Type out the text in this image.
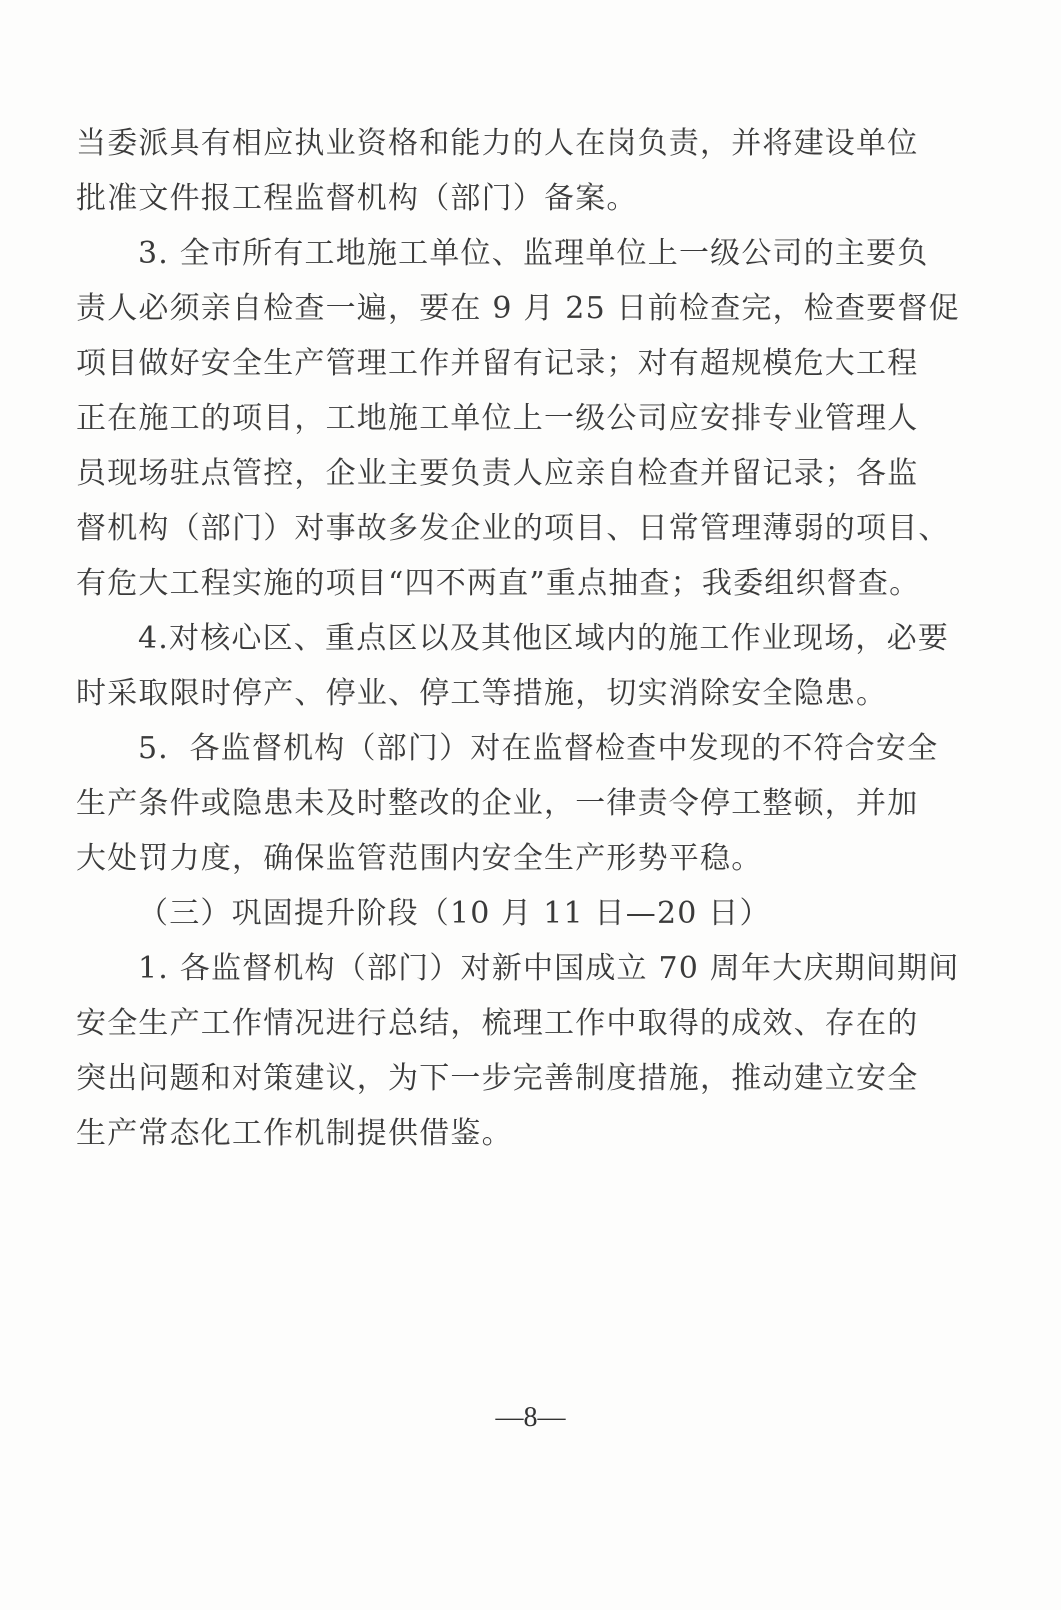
当委派具有相应执业资格和能力的人在岗负责，并将建设单位
批准文件报工程监督机构（部门）备案。
3. 全市所有工地施工单位、监理单位上一级公司的主要负
责人必须亲自检查一遍，要在 9 月 25 日前检查完，检查要督促
项目做好安全生产管理工作并留有记录；对有超规模危大工程
正在施工的项目，工地施工单位上一级公司应安排专业管理人
员现场驻点管控，企业主要负责人应亲自检查并留记录；各监
督机构（部门）对事故多发企业的项目、日常管理薄弱的项目、
有危大工程实施的项目“四不两直”重点抽查；我委组织督查。
4.对核心区、重点区以及其他区域内的施工作业现场，必要
时采取限时停产、停业、停工等措施，切实消除安全隐患。
5．各监督机构（部门）对在监督检查中发现的不符合安全
生产条件或隐患未及时整改的企业，一律责令停工整顿，并加
大处罚力度，确保监管范围内安全生产形势平稳。
（三）巩固提升阶段（10 月 11 日—20 日）
1. 各监督机构（部门）对新中国成立 70 周年大庆期间期间
安全生产工作情况进行总结，梳理工作中取得的成效、存在的
突出问题和对策建议，为下一步完善制度措施，推动建立安全
生产常态化工作机制提供借鉴。
—8—
